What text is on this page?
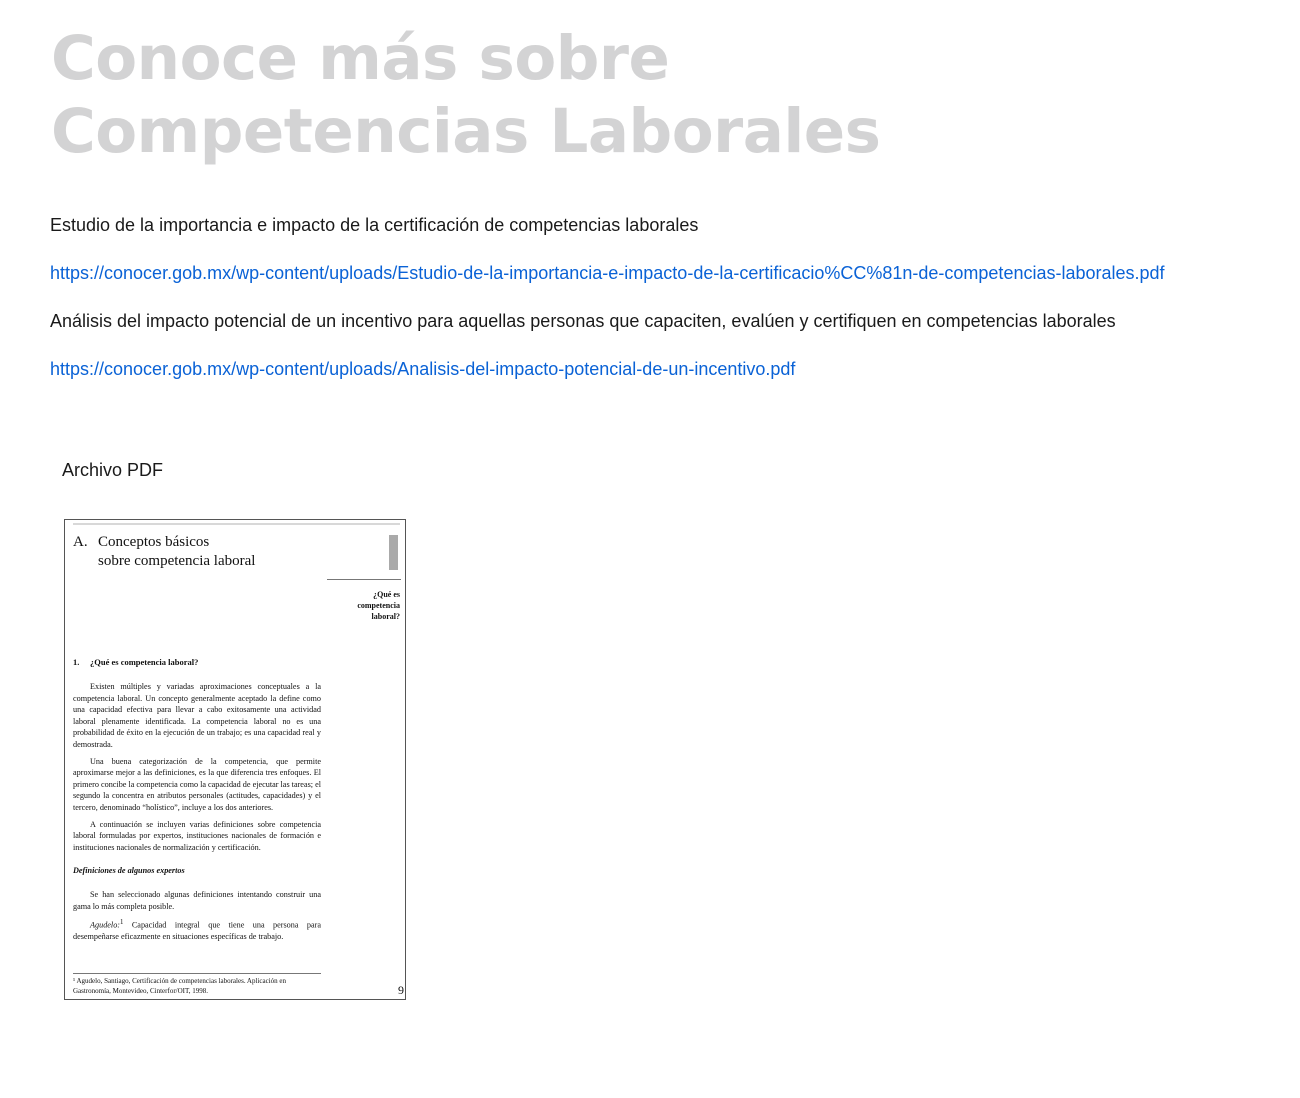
Conoce más sobre
Competencias Laborales

Estudio de la importancia e impacto de la certificación de competencias laborales

https://conocer.gob.mx/wp-content/uploads/Estudio-de-la-importancia-e-impacto-de-la-certificacio%CC%81n-de-competencias-laborales.pdf

Análisis del impacto potencial de un incentivo para aquellas personas que capaciten, evalúen y certifiquen en competencias laborales

https://conocer.gob.mx/wp-content/uploads/Analisis-del-impacto-potencial-de-un-incentivo.pdf

Archivo PDF
A. Conceptos básicos
sobre competencia laboral
¿Qué es competencia laboral?
1. ¿Qué es competencia laboral?

Existen múltiples y variadas aproximaciones conceptuales a la competencia laboral. Un concepto generalmente aceptado la define como una capacidad efectiva para llevar a cabo exitosamente una actividad laboral plenamente identificada. La competencia laboral no es una probabilidad de éxito en la ejecución de un trabajo; es una capacidad real y demostrada.

Una buena categorización de la competencia, que permite aproximarse mejor a las definiciones, es la que diferencia tres enfoques. El primero concibe la competencia como la capacidad de ejecutar las tareas; el segundo la concentra en atributos personales (actitudes, capacidades) y el tercero, denominado “holístico”, incluye a los dos anteriores.

A continuación se incluyen varias definiciones sobre competencia laboral formuladas por expertos, instituciones nacionales de formación e instituciones nacionales de normalización y certificación.

Definiciones de algunos expertos

Se han seleccionado algunas definiciones intentando construir una gama lo más completa posible.

Agudelo:$^1$ Capacidad integral que tiene una persona para desempeñarse eficazmente en situaciones específicas de trabajo.

¹ Agudelo, Santiago, Certificación de competencias laborales. Aplicación en Gastronomía, Montevideo, Cinterfor/OIT, 1998.	9
